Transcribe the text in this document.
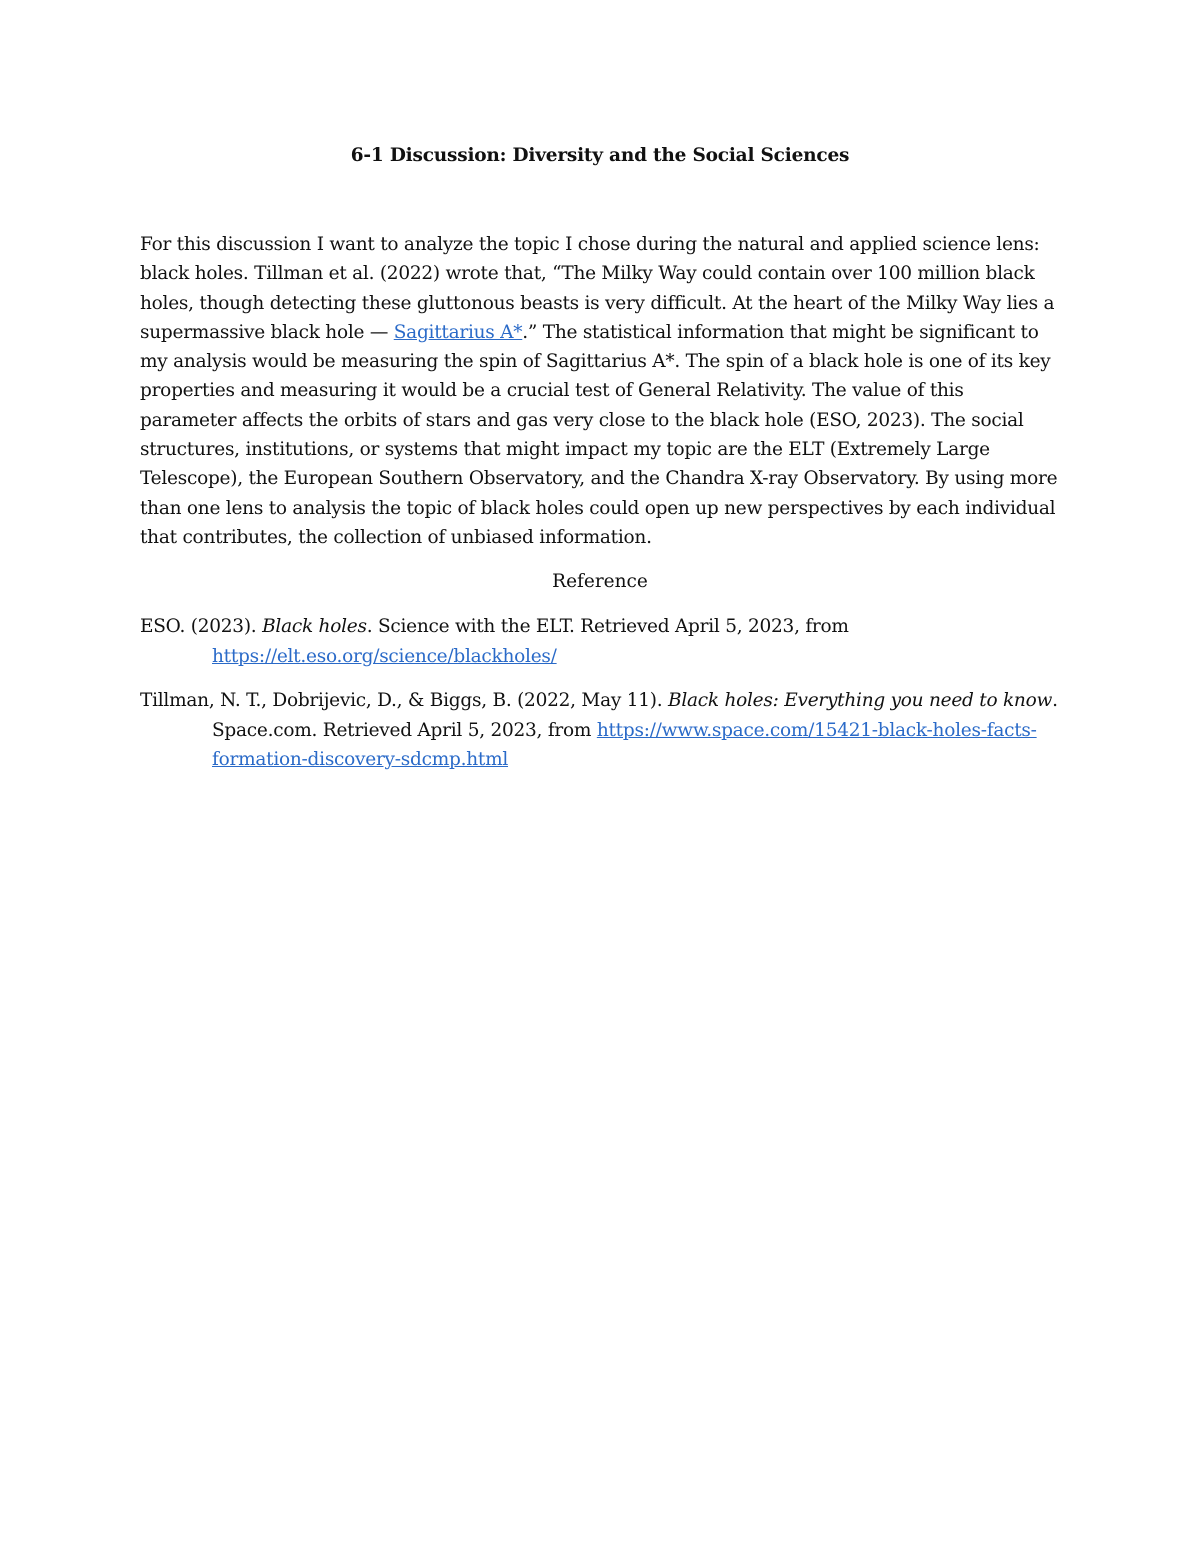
6-1 Discussion: Diversity and the Social Sciences

For this discussion I want to analyze the topic I chose during the natural and applied science lens: black holes. Tillman et al. (2022) wrote that, “The Milky Way could contain over 100 million black holes, though detecting these gluttonous beasts is very difficult. At the heart of the Milky Way lies a supermassive black hole — Sagittarius A*.” The statistical information that might be significant to my analysis would be measuring the spin of Sagittarius A*. The spin of a black hole is one of its key properties and measuring it would be a crucial test of General Relativity. The value of this parameter affects the orbits of stars and gas very close to the black hole (ESO, 2023). The social structures, institutions, or systems that might impact my topic are the ELT (Extremely Large Telescope), the European Southern Observatory, and the Chandra X-ray Observatory. By using more than one lens to analysis the topic of black holes could open up new perspectives by each individual that contributes, the collection of unbiased information.

Reference

ESO. (2023). Black holes. Science with the ELT. Retrieved April 5, 2023, from https://elt.eso.org/science/blackholes/

Tillman, N. T., Dobrijevic, D., & Biggs, B. (2022, May 11). Black holes: Everything you need to know. Space.com. Retrieved April 5, 2023, from https://www.space.com/15421-black-holes-facts-formation-discovery-sdcmp.html
